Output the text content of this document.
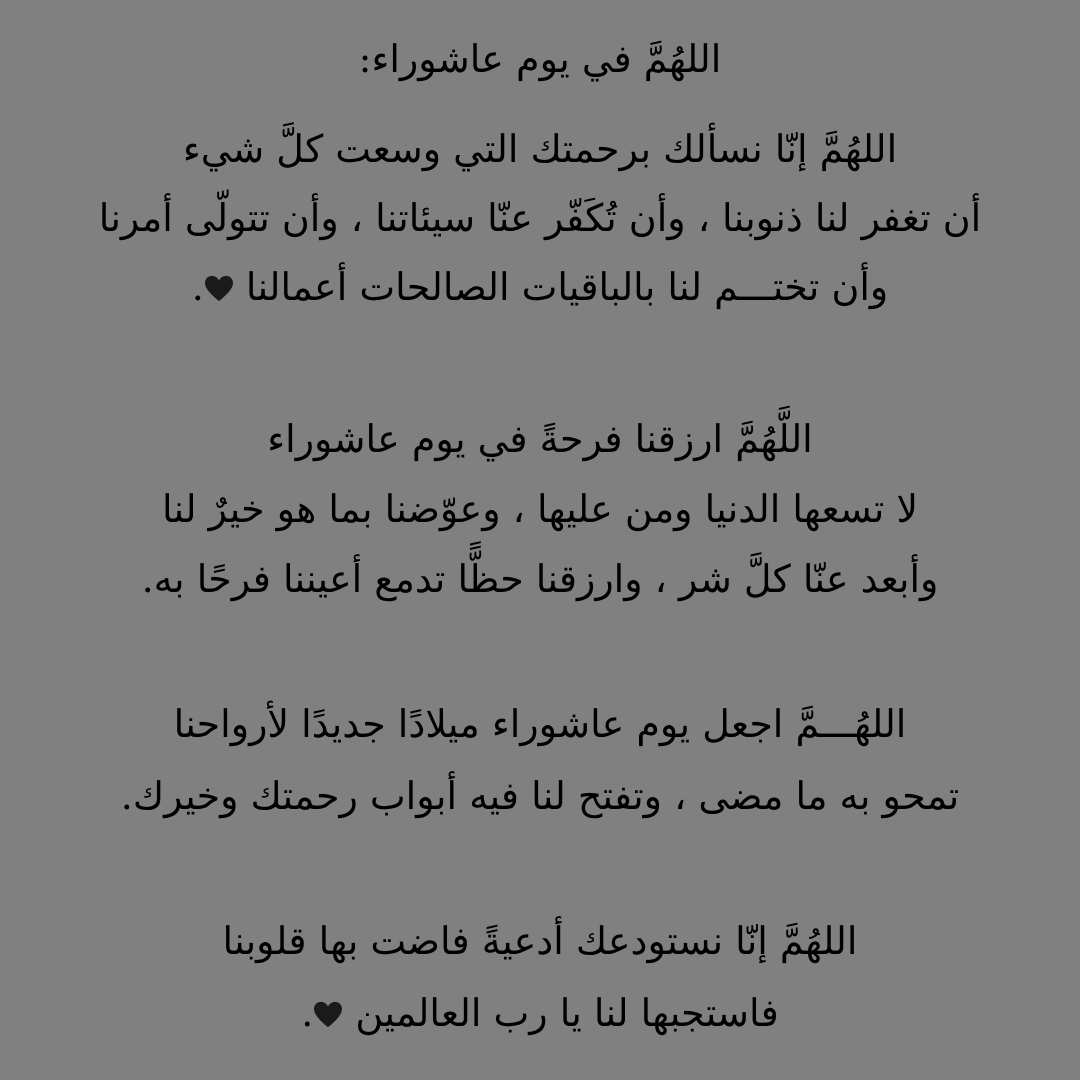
اللهُمَّ في يوم عاشوراء:
اللهُمَّ إنّا نسألك برحمتك التي وسعت كلَّ شيء
أن تغفر لنا ذنوبنا ، وأن تُكَفّر عنّا سيئاتنا ، وأن تتولّى أمرنا
وأن تختـــم لنا بالباقيات الصالحات أعمالنا .
اللَّهُمَّ ارزقنا فرحةً في يوم عاشوراء
لا تسعها الدنيا ومن عليها ، وعوّضنا بما هو خيرٌ لنا
وأبعد عنّا كلَّ شر ، وارزقنا حظًّا تدمع أعيننا فرحًا به.
اللهُـــمَّ اجعل يوم عاشوراء ميلادًا جديدًا لأرواحنا
تمحو به ما مضى ، وتفتح لنا فيه أبواب رحمتك وخيرك.
اللهُمَّ إنّا نستودعك أدعيةً فاضت بها قلوبنا
فاستجبها لنا يا رب العالمين .
